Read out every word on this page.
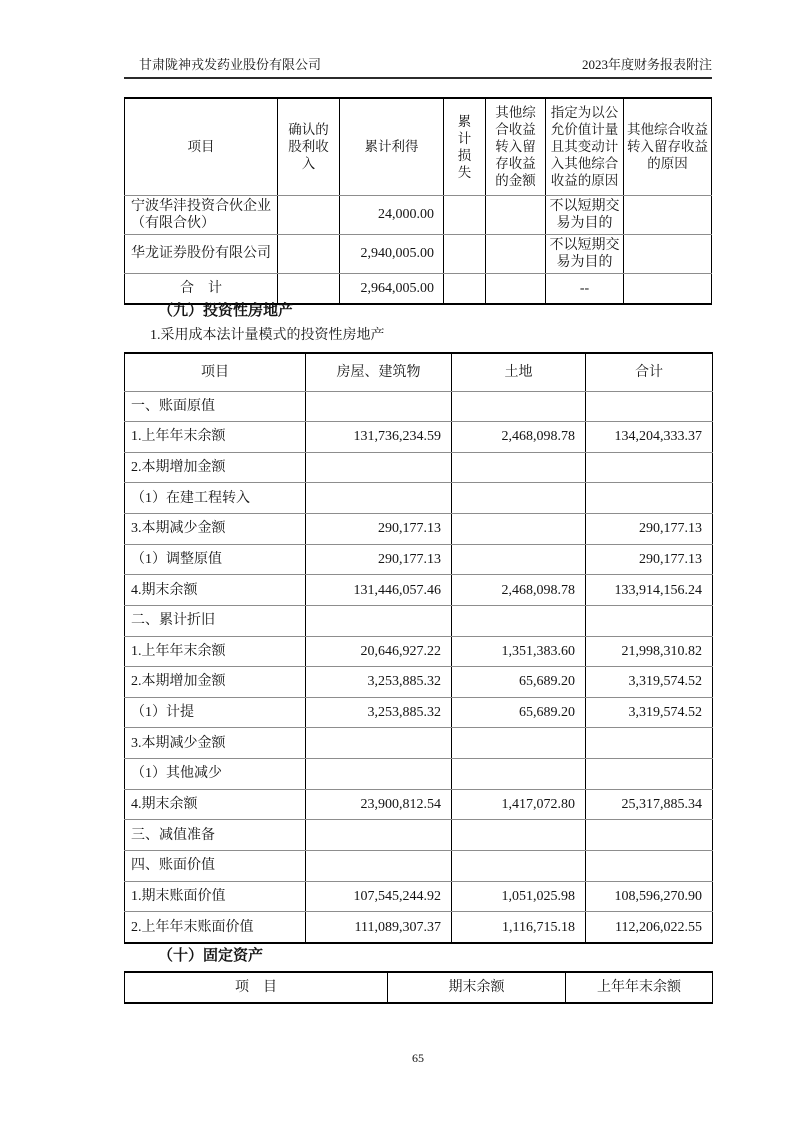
甘肃陇神戎发药业股份有限公司	2023年度财务报表附注
项目	确认的股利收入	累计利得	累计损失	其他综合收益转入留存收益的金额	指定为以公允价值计量且其变动计入其他综合收益的原因	其他综合收益转入留存收益的原因
宁波华沣投资合伙企业（有限合伙）		24,000.00			不以短期交易为目的	
华龙证券股份有限公司		2,940,005.00			不以短期交易为目的	
合　计		2,964,005.00			--	
（九）投资性房地产
1.采用成本法计量模式的投资性房地产
项目	房屋、建筑物	土地	合计
一、账面原值			
1.上年年末余额	131,736,234.59	2,468,098.78	134,204,333.37
2.本期增加金额			
（1）在建工程转入			
3.本期减少金额	290,177.13		290,177.13
（1）调整原值	290,177.13		290,177.13
4.期末余额	131,446,057.46	2,468,098.78	133,914,156.24
二、累计折旧			
1.上年年末余额	20,646,927.22	1,351,383.60	21,998,310.82
2.本期增加金额	3,253,885.32	65,689.20	3,319,574.52
（1）计提	3,253,885.32	65,689.20	3,319,574.52
3.本期减少金额			
（1）其他减少			
4.期末余额	23,900,812.54	1,417,072.80	25,317,885.34
三、减值准备			
四、账面价值			
1.期末账面价值	107,545,244.92	1,051,025.98	108,596,270.90
2.上年年末账面价值	111,089,307.37	1,116,715.18	112,206,022.55
（十）固定资产
项　目	期末余额	上年年末余额
65
